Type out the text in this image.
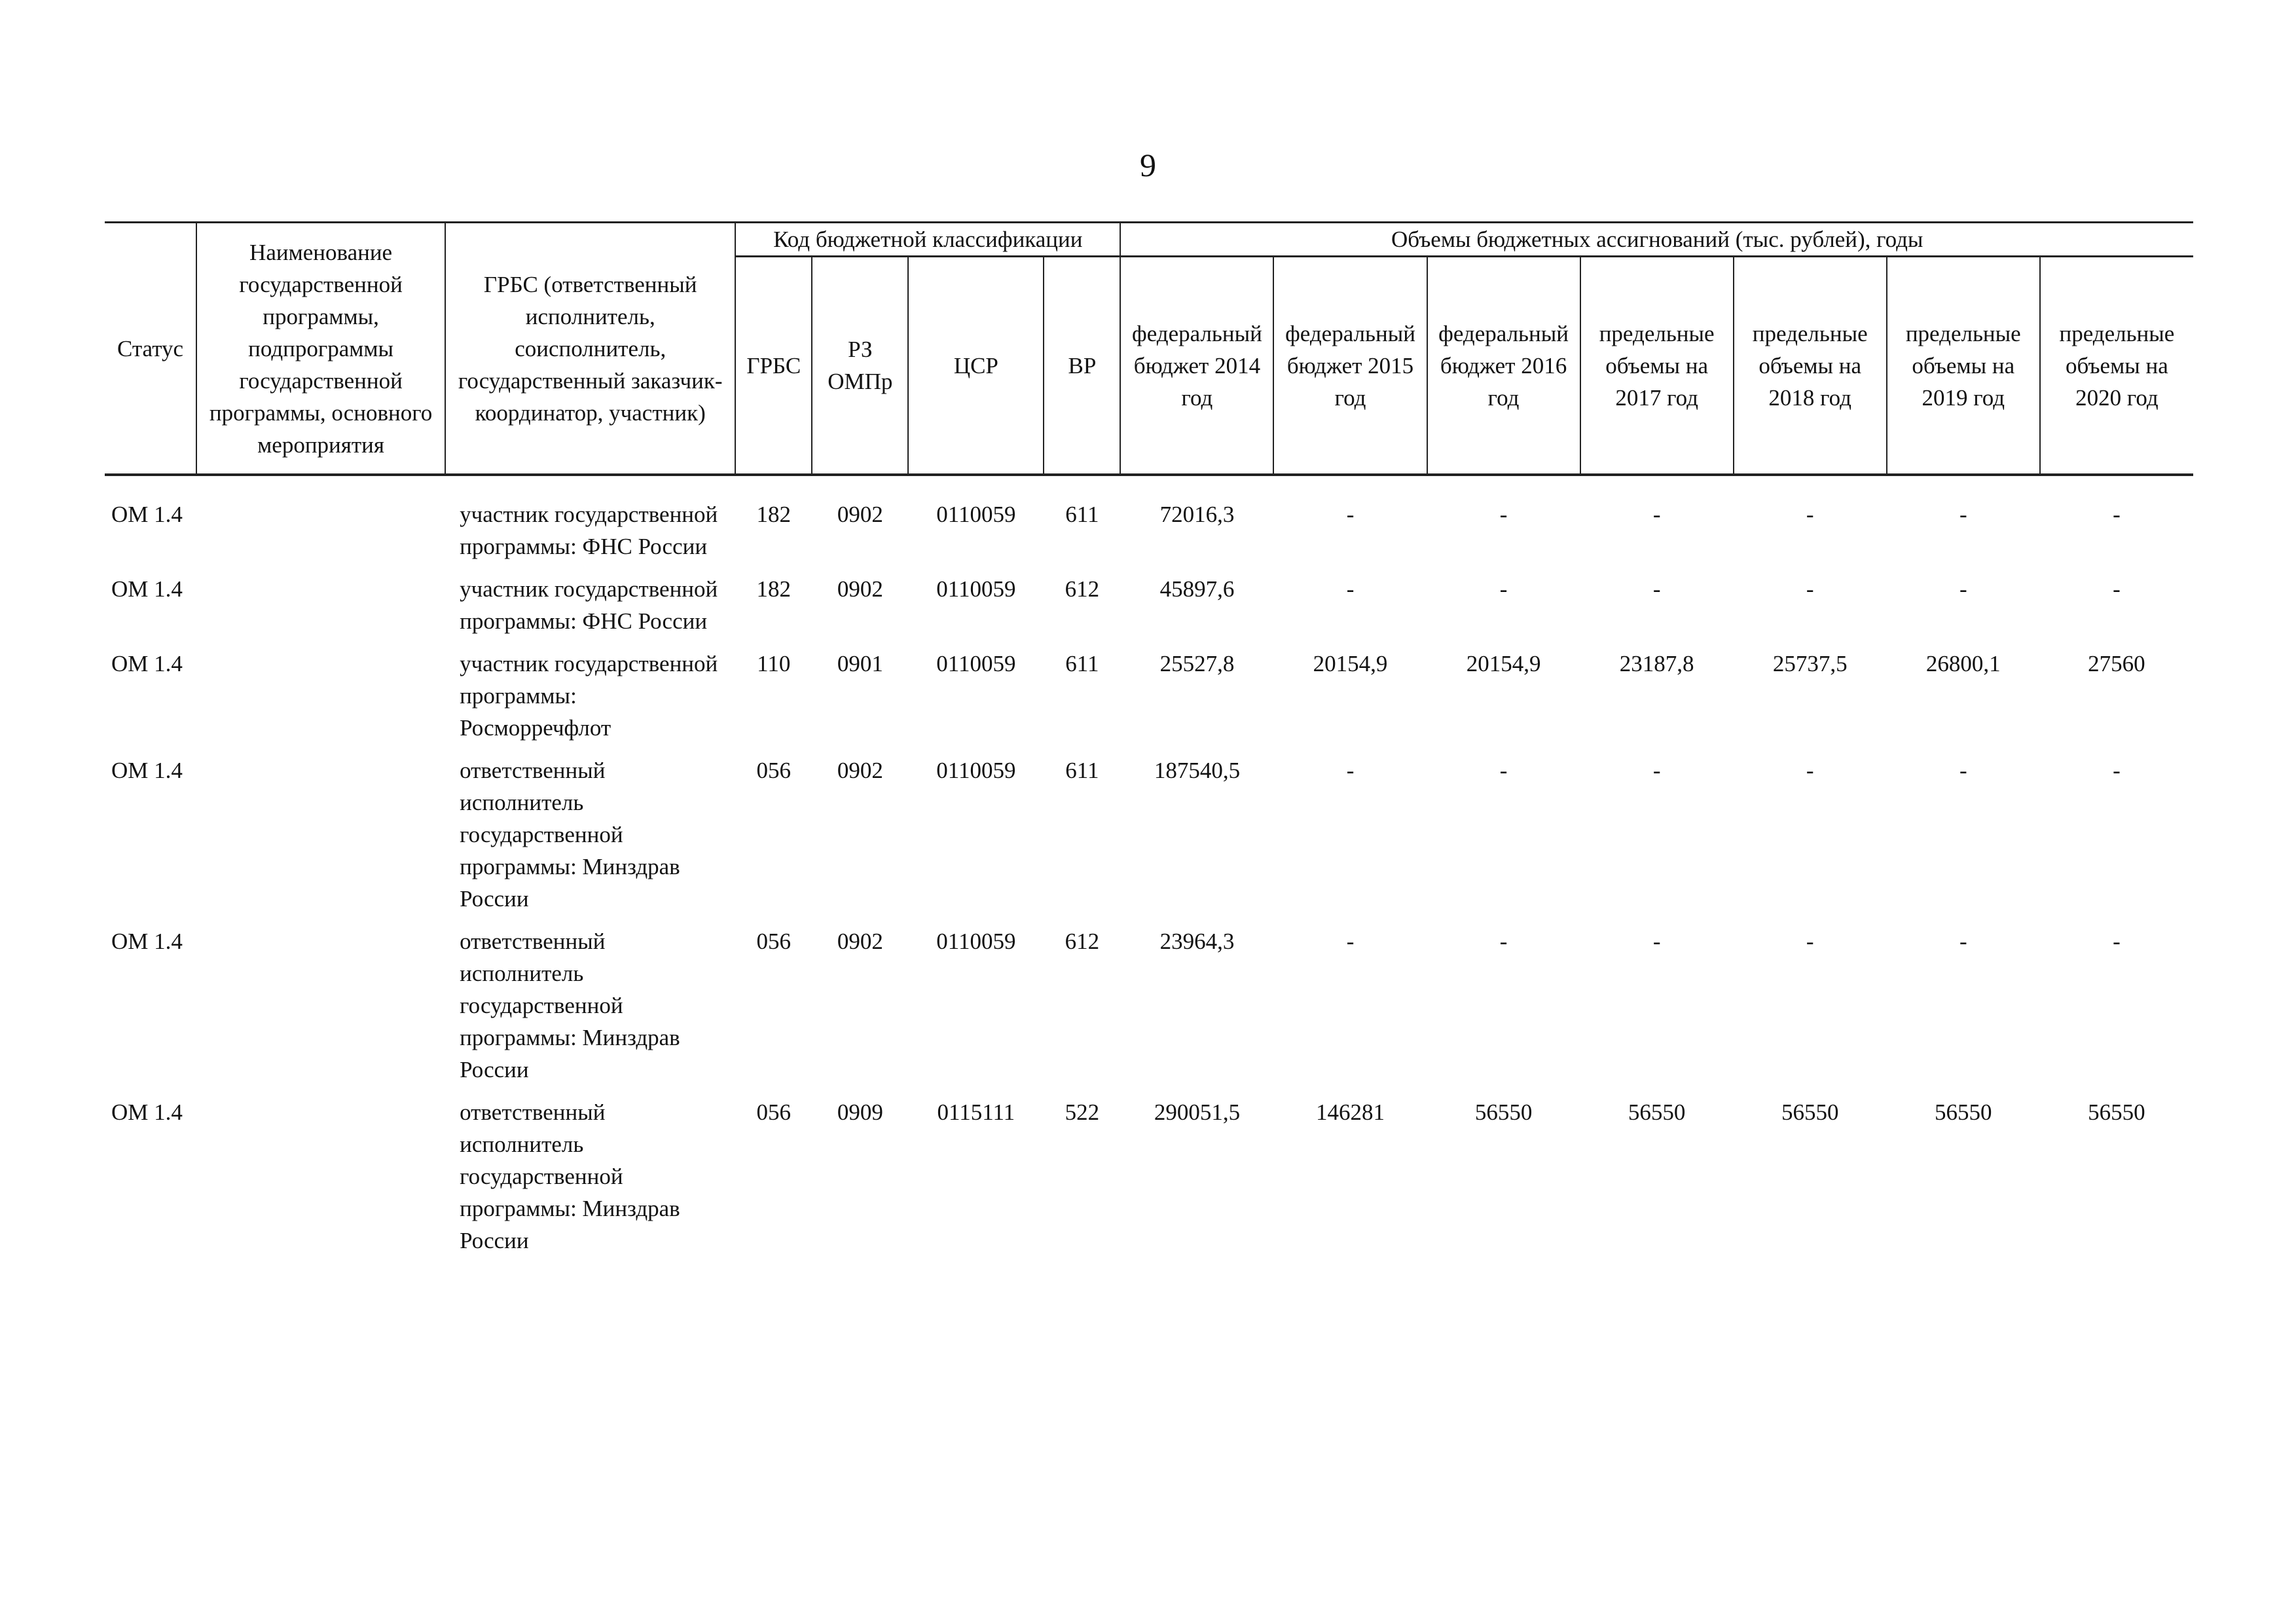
9
Статус	Наименование государственной программы, подпрограммы государственной программы, основного мероприятия	ГРБС (ответственный исполнитель, соисполнитель, государственный заказчик-координатор, участник)	Код бюджетной классификации				Объемы бюджетных ассигнований (тыс. рублей), годы						
			ГРБС	РЗ ОМПр	ЦСР	ВР	федеральный бюджет 2014 год	федеральный бюджет 2015 год	федеральный бюджет 2016 год	предельные объемы на 2017 год	предельные объемы на 2018 год	предельные объемы на 2019 год	предельные объемы на 2020 год

ОМ 1.4		участник государственной программы: ФНС России	182	0902	0110059	611	72016,3	-	-	-	-	-	-
ОМ 1.4		участник государственной программы: ФНС России	182	0902	0110059	612	45897,6	-	-	-	-	-	-
ОМ 1.4		участник государственной программы: Росморречфлот	110	0901	0110059	611	25527,8	20154,9	20154,9	23187,8	25737,5	26800,1	27560
ОМ 1.4		ответственный исполнитель государственной программы: Минздрав России	056	0902	0110059	611	187540,5	-	-	-	-	-	-
ОМ 1.4		ответственный исполнитель государственной программы: Минздрав России	056	0902	0110059	612	23964,3	-	-	-	-	-	-
ОМ 1.4		ответственный исполнитель государственной программы: Минздрав России	056	0909	0115111	522	290051,5	146281	56550	56550	56550	56550	56550
